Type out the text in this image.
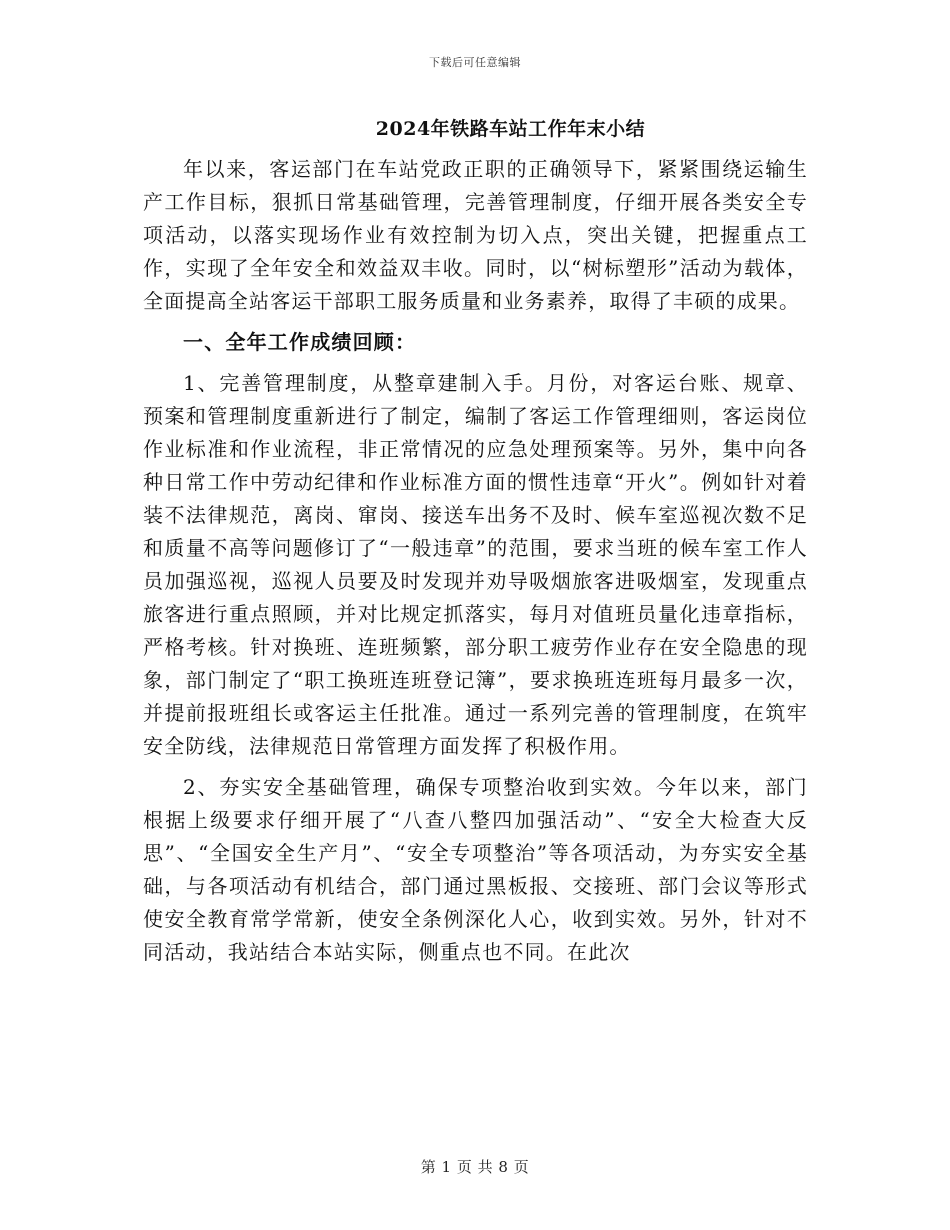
下载后可任意编辑
2024年铁路车站工作年末小结

年以来，客运部门在车站党政正职的正确领导下，紧紧围绕运输生产工作目标，狠抓日常基础管理，完善管理制度，仔细开展各类安全专项活动，以落实现场作业有效控制为切入点，突出关键，把握重点工作，实现了全年安全和效益双丰收。同时，以“树标塑形”活动为载体，全面提高全站客运干部职工服务质量和业务素养，取得了丰硕的成果。

一、全年工作成绩回顾：

1、完善管理制度，从整章建制入手。月份，对客运台账、规章、预案和管理制度重新进行了制定，编制了客运工作管理细则，客运岗位作业标准和作业流程，非正常情况的应急处理预案等。另外，集中向各种日常工作中劳动纪律和作业标准方面的惯性违章“开火”。例如针对着装不法律规范，离岗、窜岗、接送车出务不及时、候车室巡视次数不足和质量不高等问题修订了“一般违章”的范围，要求当班的候车室工作人员加强巡视，巡视人员要及时发现并劝导吸烟旅客进吸烟室，发现重点旅客进行重点照顾，并对比规定抓落实，每月对值班员量化违章指标，严格考核。针对换班、连班频繁，部分职工疲劳作业存在安全隐患的现象，部门制定了“职工换班连班登记簿”，要求换班连班每月最多一次，并提前报班组长或客运主任批准。通过一系列完善的管理制度，在筑牢安全防线，法律规范日常管理方面发挥了积极作用。

2、夯实安全基础管理，确保专项整治收到实效。今年以来，部门根据上级要求仔细开展了“八查八整四加强活动”、“安全大检查大反思”、“全国安全生产月”、“安全专项整治”等各项活动，为夯实安全基础，与各项活动有机结合，部门通过黑板报、交接班、部门会议等形式使安全教育常学常新，使安全条例深化人心，收到实效。另外，针对不同活动，我站结合本站实际，侧重点也不同。在此次

第 1 页 共 8 页
